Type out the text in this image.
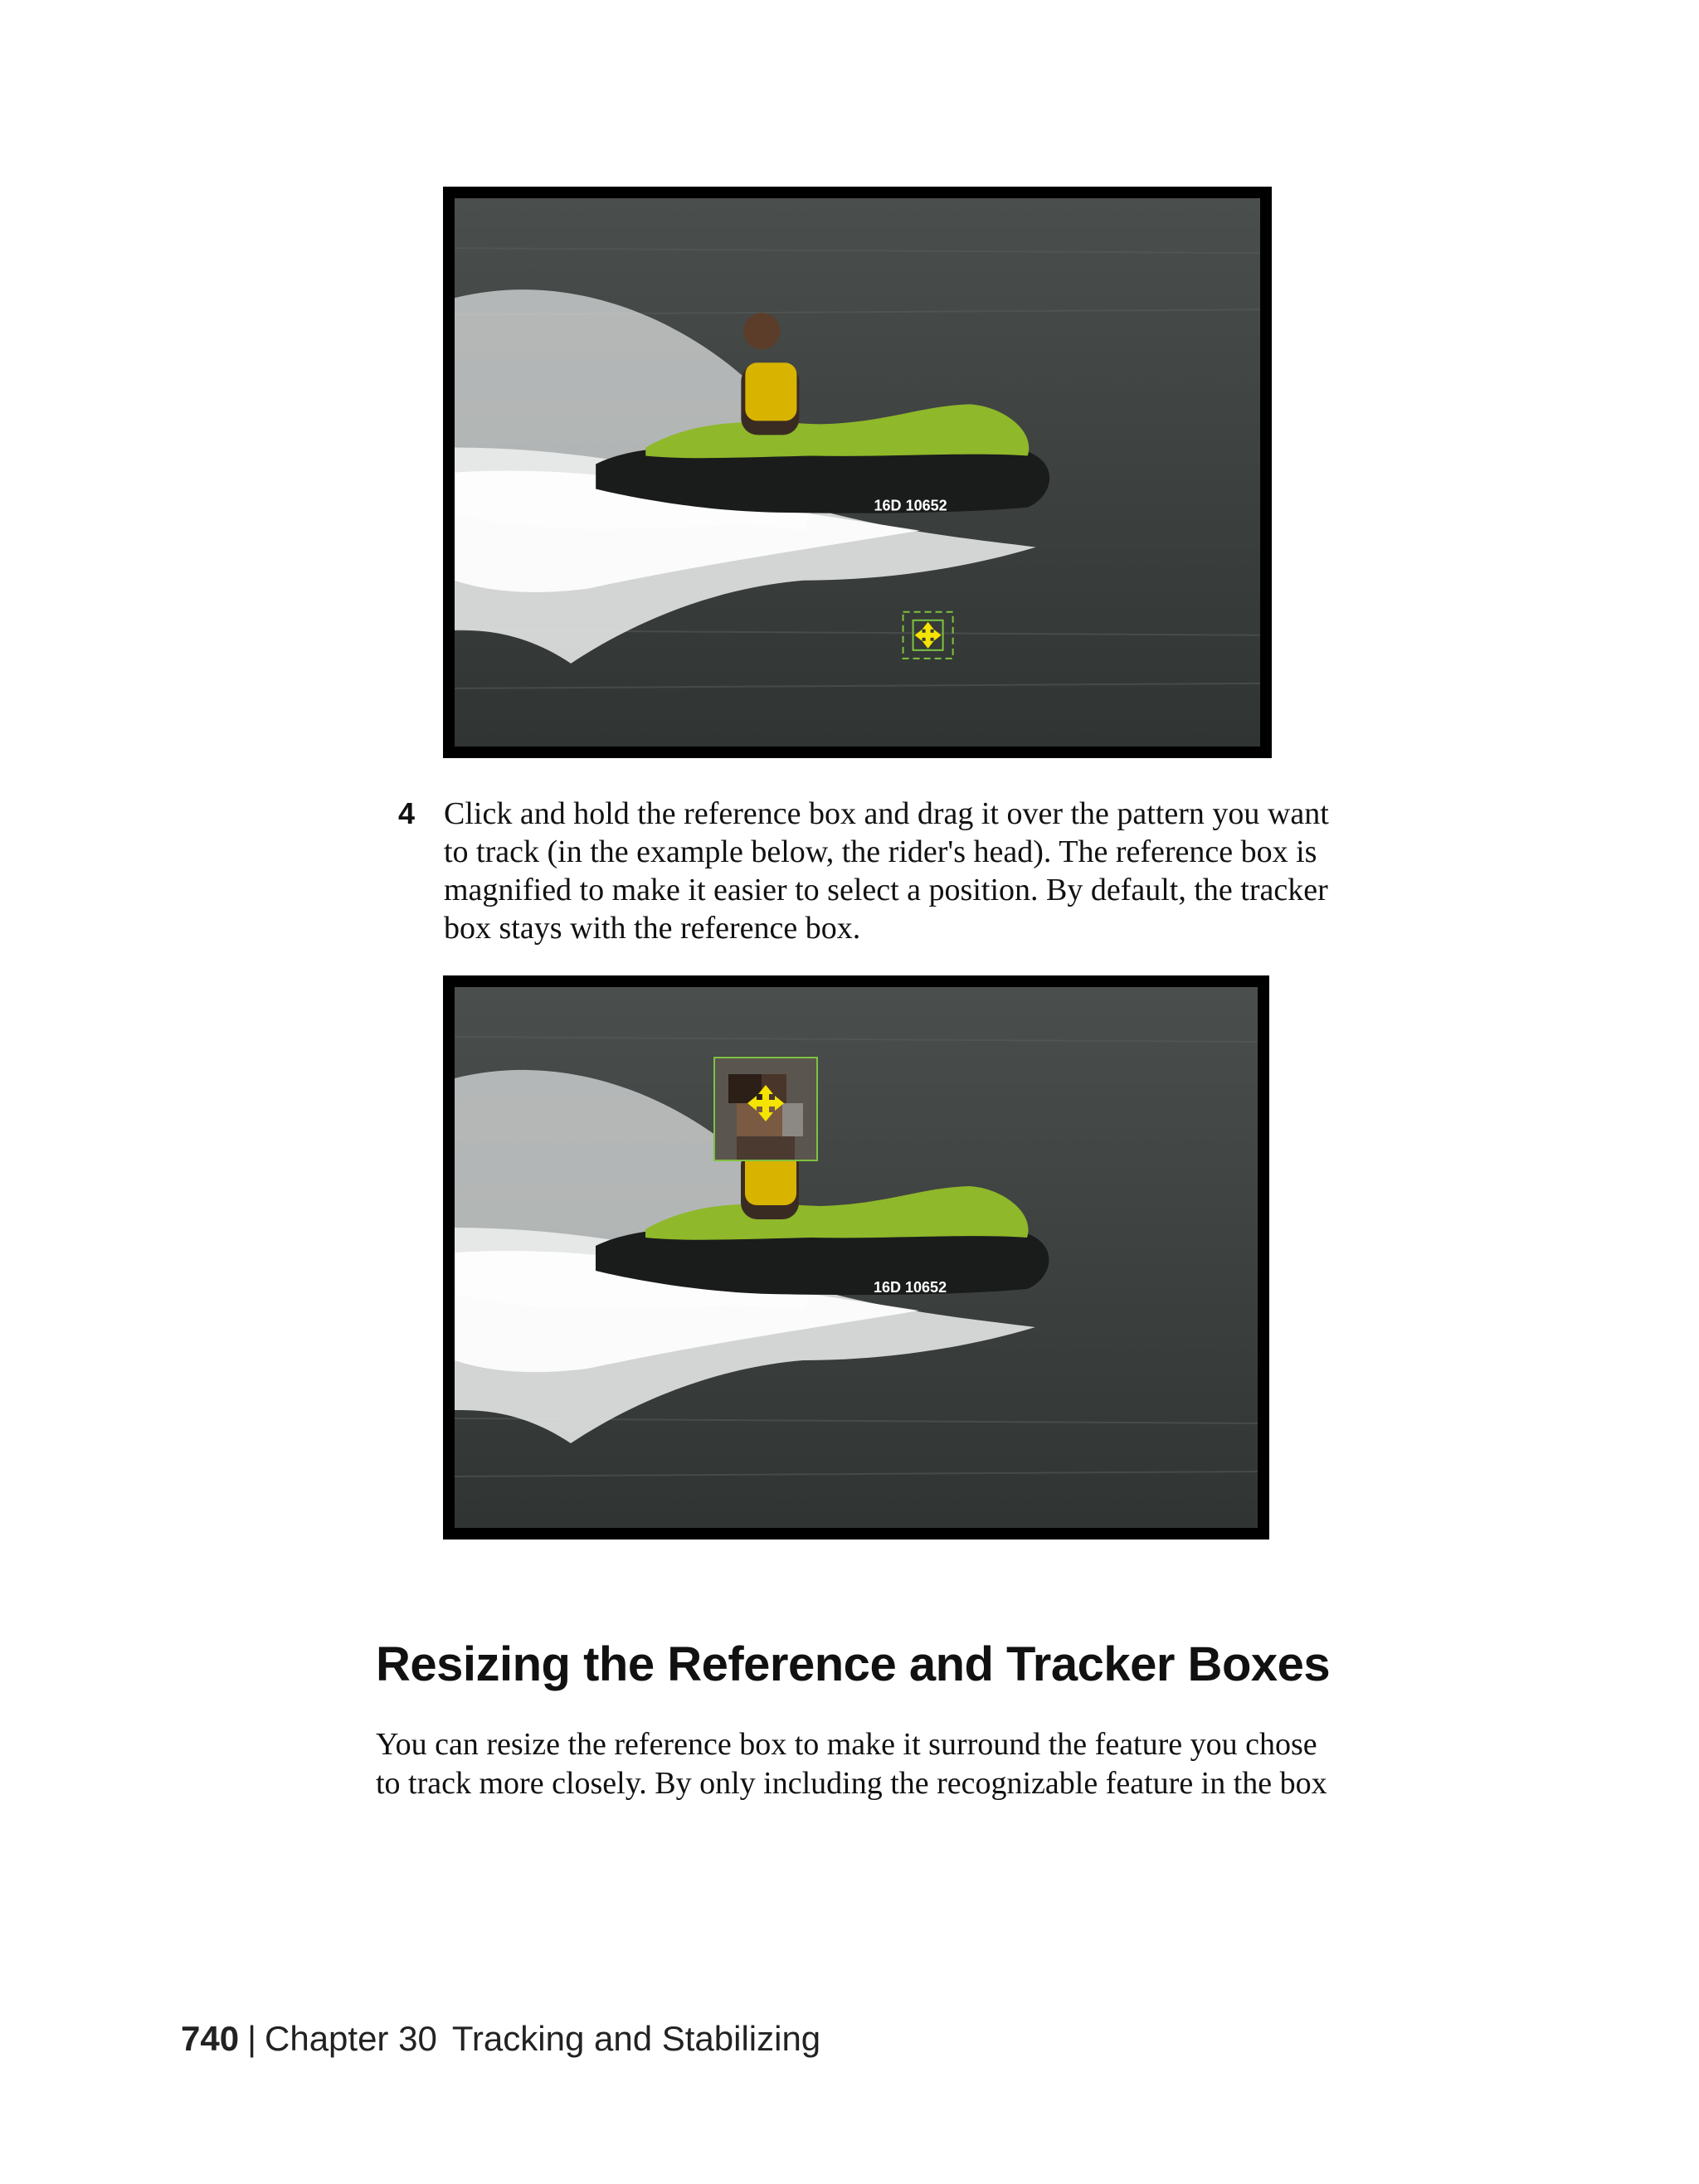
16D 10652
4 Click and hold the reference box and drag it over the pattern you want
to track (in the example below, the rider's head). The reference box is
magnified to make it easier to select a position. By default, the tracker
box stays with the reference box.
16D 10652
Resizing the Reference and Tracker Boxes
You can resize the reference box to make it surround the feature you chose
to track more closely. By only including the recognizable feature in the box
740 | Chapter 30 Tracking and Stabilizing
